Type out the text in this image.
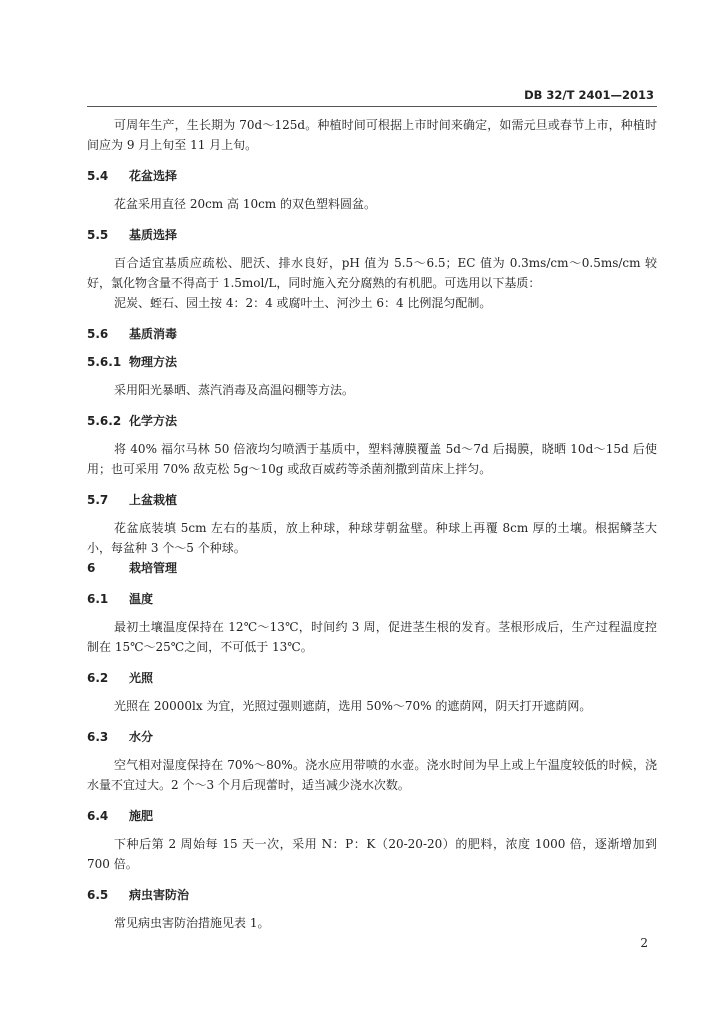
DB 32/T 2401—2013

可周年生产，生长期为 70d～125d。种植时间可根据上市时间来确定，如需元旦或春节上市，种植时间应为 9 月上旬至 11 月上旬。

5.4 花盆选择

花盆采用直径 20cm 高 10cm 的双色塑料圆盆。

5.5 基质选择

百合适宜基质应疏松、肥沃、排水良好，pH 值为 5.5～6.5；EC 值为 0.3ms/cm～0.5ms/cm 较好，氯化物含量不得高于 1.5mol/L，同时施入充分腐熟的有机肥。可选用以下基质：

泥炭、蛭石、园土按 4：2：4 或腐叶土、河沙土 6：4 比例混匀配制。

5.6 基质消毒

5.6.1 物理方法

采用阳光暴晒、蒸汽消毒及高温闷棚等方法。

5.6.2 化学方法

将 40% 福尔马林 50 倍液均匀喷洒于基质中，塑料薄膜覆盖 5d～7d 后揭膜，晓晒 10d～15d 后使用；也可采用 70% 敌克松 5g～10g 或敌百威药等杀菌剂撒到苗床上拌匀。

5.7 上盆栽植

花盆底装填 5cm 左右的基质，放上种球，种球芽朝盆壁。种球上再覆 8cm 厚的土壤。根据鳞茎大小，每盆种 3 个～5 个种球。

6	栽培管理

6.1 温度

最初土壤温度保持在 12℃～13℃，时间约 3 周，促进茎生根的发育。茎根形成后，生产过程温度控制在 15℃～25℃之间，不可低于 13℃。

6.2 光照

光照在 20000lx 为宜，光照过强则遮荫，选用 50%～70% 的遮荫网，阴天打开遮荫网。

6.3 水分

空气相对湿度保持在 70%～80%。浇水应用带喷的水壶。浇水时间为早上或上午温度较低的时候，浇水量不宜过大。2 个～3 个月后现蕾时，适当减少浇水次数。

6.4 施肥

下种后第 2 周始每 15 天一次，采用 N：P：K（20-20-20）的肥料，浓度 1000 倍，逐渐增加到 700 倍。

6.5 病虫害防治

常见病虫害防治措施见表 1。

2
